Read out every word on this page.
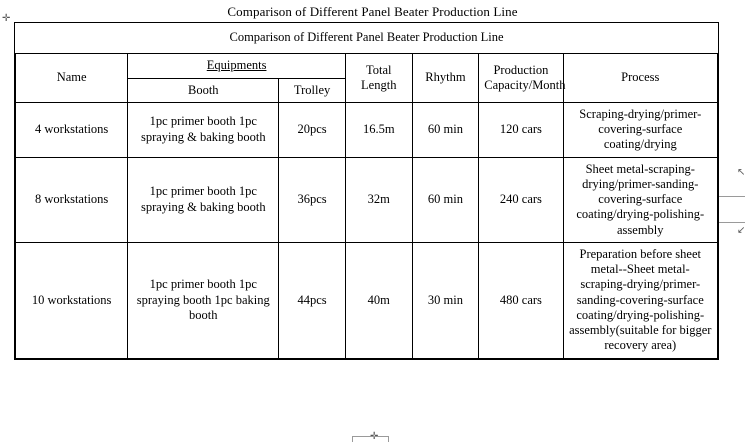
Comparison of Different Panel Beater Production Line
✛
↖
↙
Comparison of Different Panel Beater Production Line						
Name	Equipments		Total Length	Rhythm	Production Capacity/Month	Process
	Booth	Trolley				
4 workstations	1pc primer booth 1pc spraying & baking booth	20pcs	16.5m	60 min	120 cars	Scraping-drying/primer-covering-surface coating/drying
8 workstations	1pc primer booth 1pc spraying & baking booth	36pcs	32m	60 min	240 cars	Sheet metal-scraping-drying/primer-sanding-covering-surface coating/drying-polishing-assembly
10 workstations	1pc primer booth 1pc spraying booth 1pc baking booth	44pcs	40m	30 min	480 cars	Preparation before sheet metal--Sheet metal-scraping-drying/primer-sanding-covering-surface coating/drying-polishing-assembly(suitable for bigger recovery area)
